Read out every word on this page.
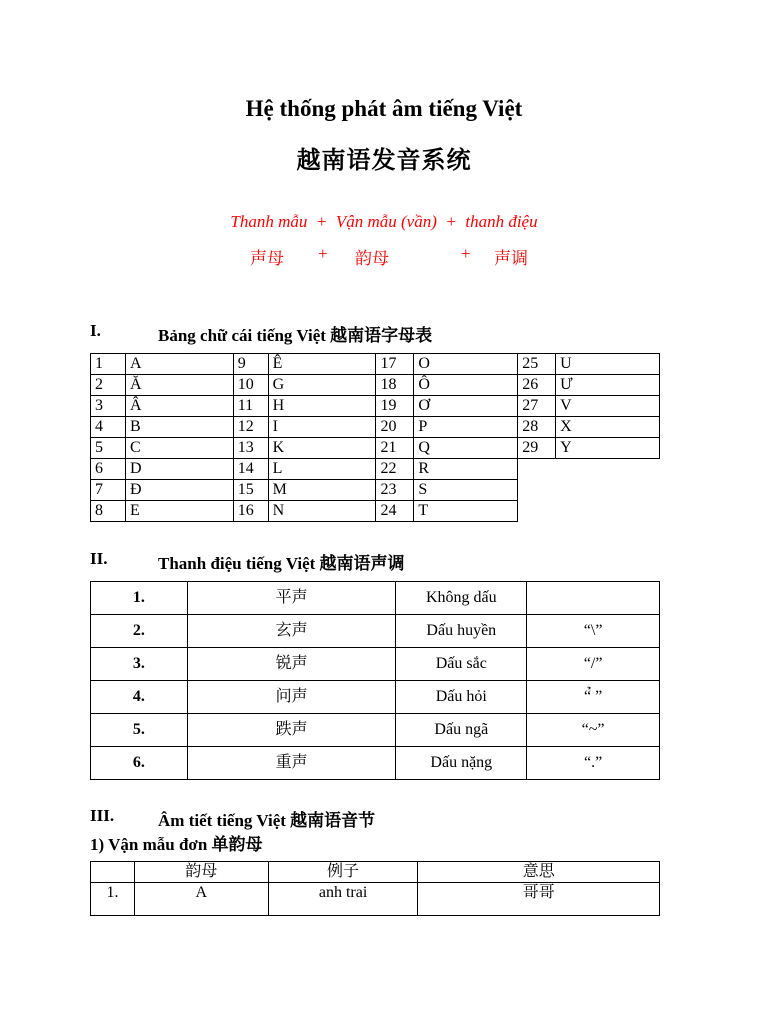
Hệ thống phát âm tiếng Việt
越南语发音系统
Thanh mẫu + Vận mẫu (vần) + thanh điệu
声母 + 韵母	+ 声调
I.	Bảng chữ cái tiếng Việt 越南语字母表
1	A	9	Ê	17	O	25	U
2	Ă	10	G	18	Ô	26	Ư
3	Â	11	H	19	Ơ	27	V
4	B	12	I	20	P	28	X
5	C	13	K	21	Q	29	Y
6	D	14	L	22	R		
7	Đ	15	M	23	S		
8	E	16	N	24	T		
II.	Thanh điệu tiếng Việt 越南语声调
1.	平声	Không dấu	
2.	玄声	Dấu huyền	“\”
3.	锐声	Dấu sắc	“/”
4.	问声	Dấu hỏi	“̉ ”
5.	跌声	Dấu ngã	“~”
6.	重声	Dấu nặng	“.”
III.	Âm tiết tiếng Việt 越南语音节
1) Vận mẫu đơn 单韵母
	韵母	例子	意思
1.	A	anh trai	哥哥
